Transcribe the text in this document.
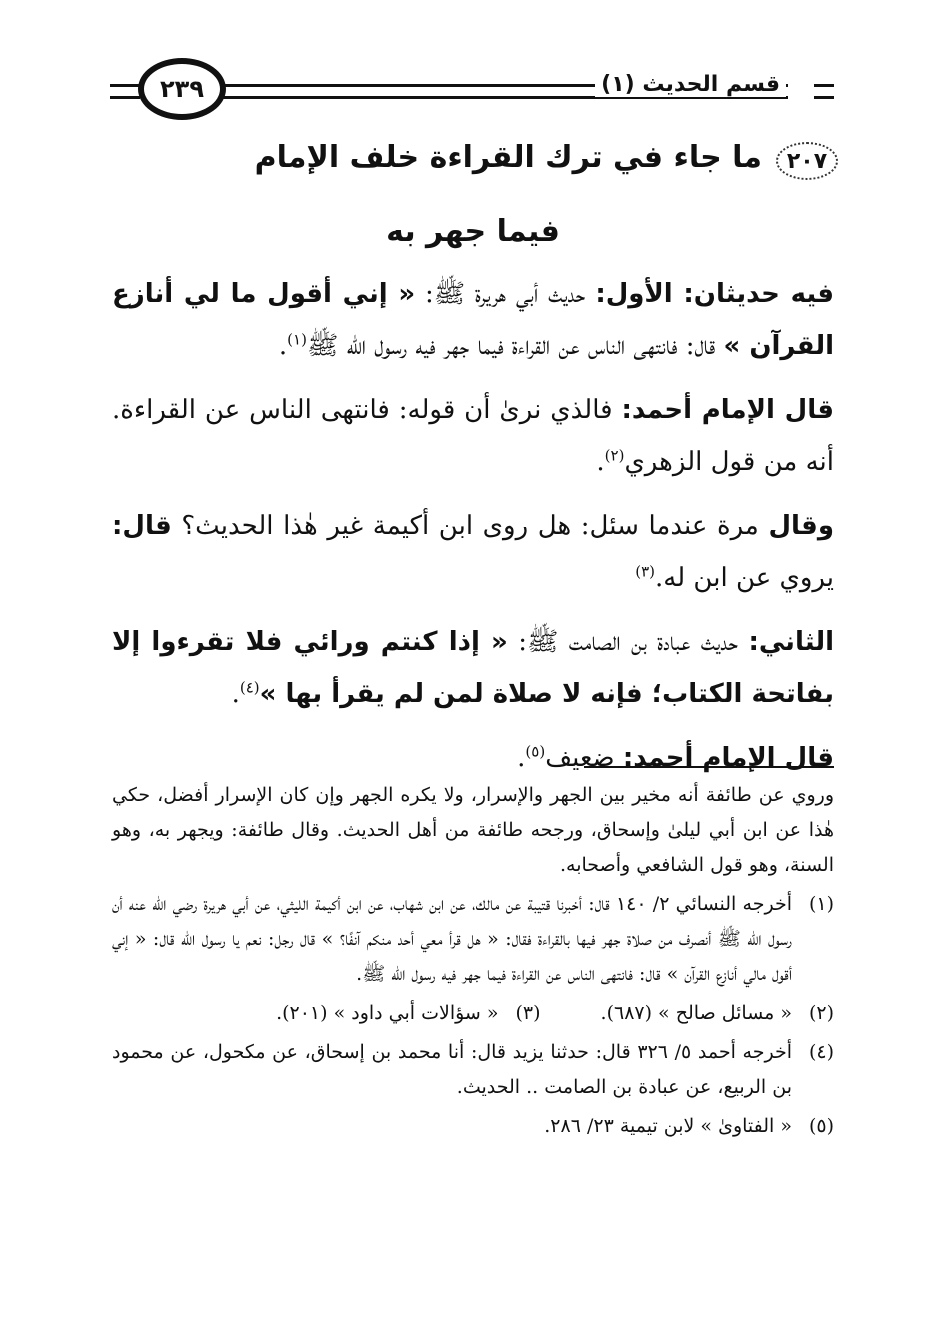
قسم الحديث (١)
٢٣٩
٢٠٧
ما جاء في ترك القراءة خلف الإمام
فيما جهر به

فيه حديثان: الأول: حديث أبي هريرة ﷺ: « إني أقول ما لي أنازع القرآن » قال: فانتهى الناس عن القراءة فيما جهر فيه رسول الله ﷺ$^{(١)}$.

قال الإمام أحمد: فالذي نرىٰ أن قوله: فانتهى الناس عن القراءة. أنه من قول الزهري$^{(٢)}$.

وقال مرة عندما سئل: هل روى ابن أكيمة غير هٰذا الحديث؟ قال: يروي عن ابن له.$^{(٣)}$

الثاني: حديث عبادة بن الصامت ﷺ: « إذا كنتم ورائي فلا تقرءوا إلا بفاتحة الكتاب؛ فإنه لا صلاة لمن لم يقرأ بها »$^{(٤)}$.

قال الإمام أحمد: ضعيف$^{(٥)}$.

وروي عن طائفة أنه مخير بين الجهر والإسرار، ولا يكره الجهر وإن كان الإسرار أفضل، حكي هٰذا عن ابن أبي ليلىٰ وإسحاق، ورجحه طائفة من أهل الحديث. وقال طائفة: ويجهر به، وهو السنة، وهو قول الشافعي وأصحابه.

(١)
أخرجه النسائي ٢/ ١٤٠ قال: أخبرنا قتيبة عن مالك، عن ابن شهاب، عن ابن أكيمة الليثي، عن أبي هريرة رضي الله عنه أن رسول الله ﷺ أنصرف من صلاة جهر فيها بالقراءة فقال: « هل قرأ معي أحد منكم آنفًا؟ » قال رجل: نعم يا رسول الله قال: « إني أقول مالي أنازع القرآن » قال: فانتهى الناس عن القراءة فيما جهر فيه رسول الله ﷺ.
(٢)
« مسائل صالح » (٦٨٧).
(٣)
« سؤالات أبي داود » (٢٠١).
(٤)
أخرجه أحمد ٥/ ٣٢٦ قال: حدثنا يزيد قال: أنا محمد بن إسحاق، عن مكحول، عن محمود بن الربيع، عن عبادة بن الصامت .. الحديث.
(٥)
« الفتاوىٰ » لابن تيمية ٢٣/ ٢٨٦.
